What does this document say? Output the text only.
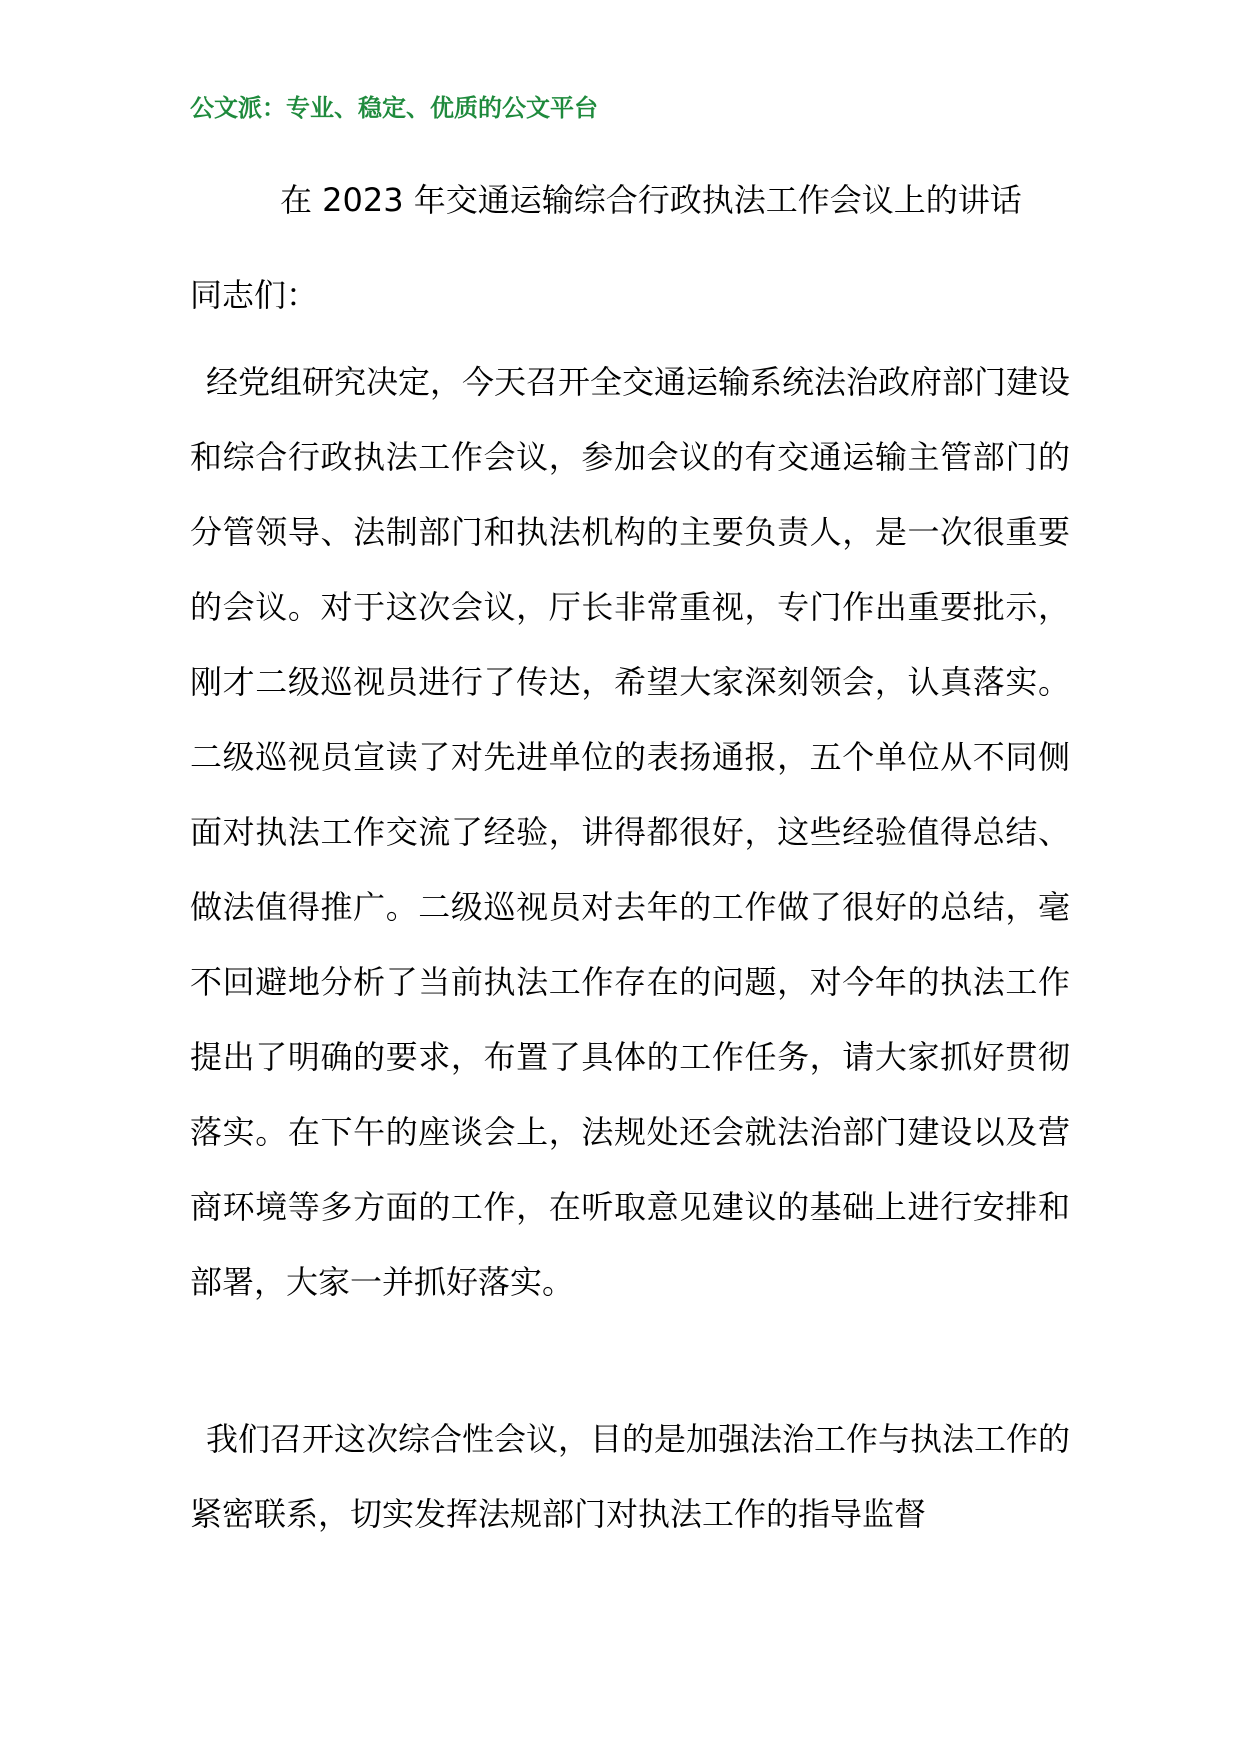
公文派：专业、稳定、优质的公文平台
在 2023 年交通运输综合行政执法工作会议上的讲话
同志们：

经党组研究决定，今天召开全交通运输系统法治政府部门建设和综合行政执法工作会议，参加会议的有交通运输主管部门的分管领导、法制部门和执法机构的主要负责人，是一次很重要的会议。对于这次会议，厅长非常重视，专门作出重要批示，刚才二级巡视员进行了传达，希望大家深刻领会，认真落实。二级巡视员宣读了对先进单位的表扬通报，五个单位从不同侧面对执法工作交流了经验，讲得都很好，这些经验值得总结、做法值得推广。二级巡视员对去年的工作做了很好的总结，毫不回避地分析了当前执法工作存在的问题，对今年的执法工作提出了明确的要求，布置了具体的工作任务，请大家抓好贯彻落实。在下午的座谈会上，法规处还会就法治部门建设以及营商环境等多方面的工作，在听取意见建议的基础上进行安排和部署，大家一并抓好落实。

我们召开这次综合性会议，目的是加强法治工作与执法工作的紧密联系，切实发挥法规部门对执法工作的指导监督
